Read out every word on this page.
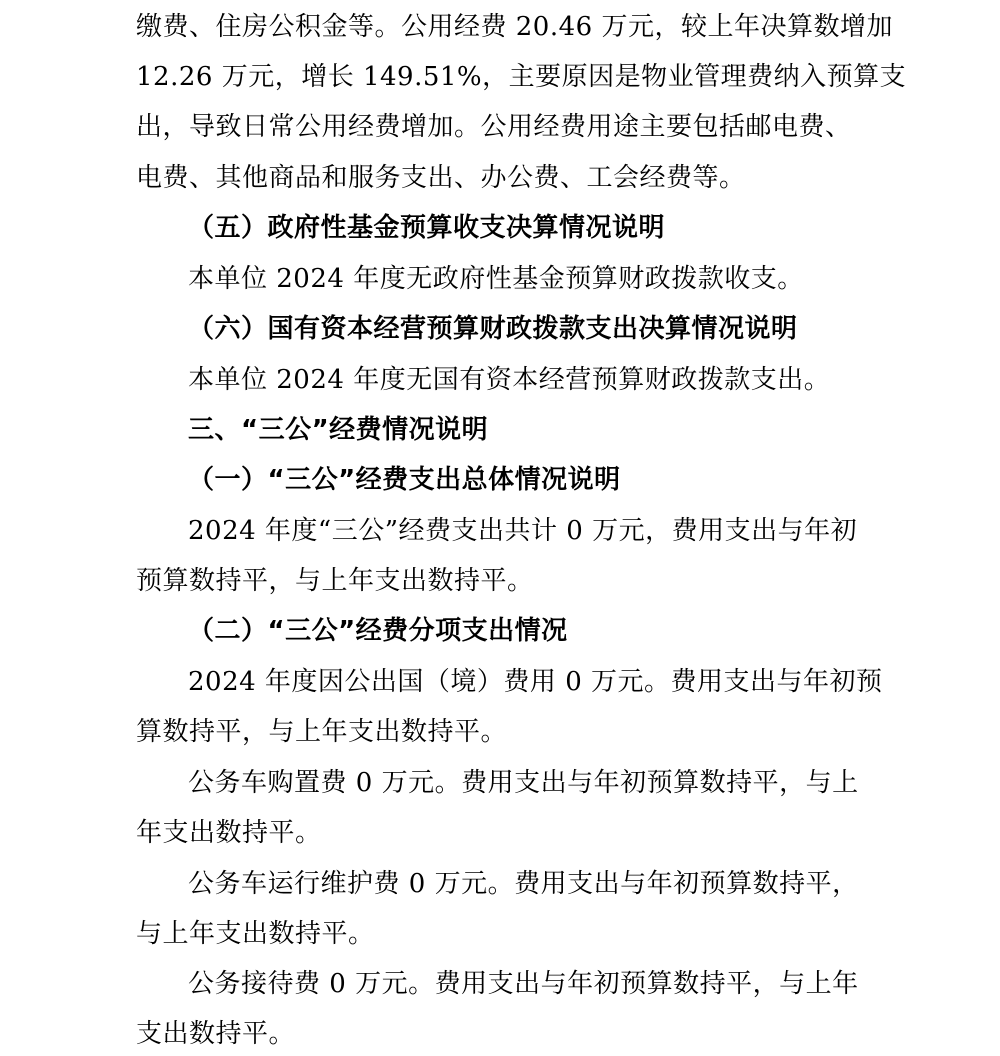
缴费、住房公积金等。公用经费 20.46 万元，较上年决算数增加
12.26 万元，增长 149.51%，主要原因是物业管理费纳入预算支
出，导致日常公用经费增加。公用经费用途主要包括邮电费、
电费、其他商品和服务支出、办公费、工会经费等。
（五）政府性基金预算收支决算情况说明
本单位 2024 年度无政府性基金预算财政拨款收支。
（六）国有资本经营预算财政拨款支出决算情况说明
本单位 2024 年度无国有资本经营预算财政拨款支出。
三、“三公”经费情况说明
（一）“三公”经费支出总体情况说明
2024 年度“三公”经费支出共计 0 万元，费用支出与年初
预算数持平，与上年支出数持平。
（二）“三公”经费分项支出情况
2024 年度因公出国（境）费用 0 万元。费用支出与年初预
算数持平，与上年支出数持平。
公务车购置费 0 万元。费用支出与年初预算数持平，与上
年支出数持平。
公务车运行维护费 0 万元。费用支出与年初预算数持平，
与上年支出数持平。
公务接待费 0 万元。费用支出与年初预算数持平，与上年
支出数持平。
